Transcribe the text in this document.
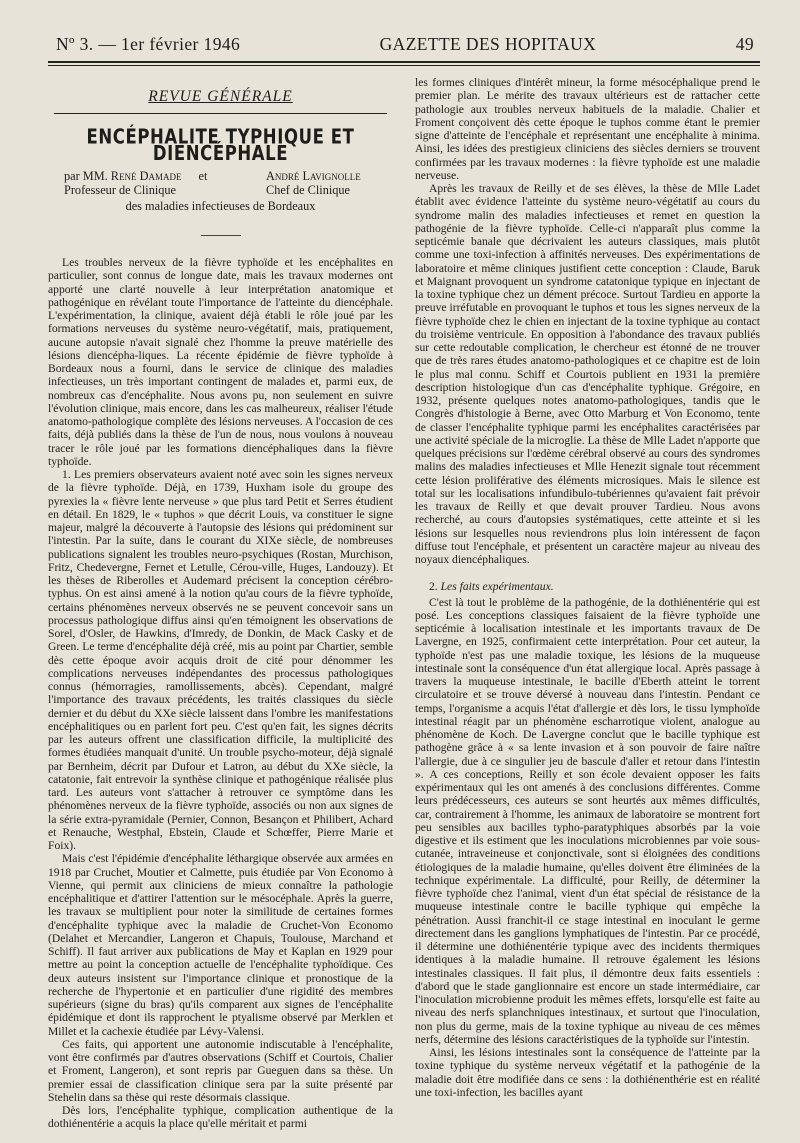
Nº 3. — 1er février 1946	GAZETTE DES HOPITAUX	49
REVUE GÉNÉRALE
ENCÉPHALITE TYPHIQUE ET DIENCÉPHALE
par MM. René Damade et	André Lavignolle
Professeur de Clinique	Chef de Clinique
des maladies infectieuses de Bordeaux

Les troubles nerveux de la fièvre typhoïde et les encéphalites en particulier, sont connus de longue date, mais les travaux modernes ont apporté une clarté nouvelle à leur interprétation anatomique et pathogénique en révélant toute l'importance de l'atteinte du diencéphale. L'expérimentation, la clinique, avaient déjà établi le rôle joué par les formations nerveuses du système neuro-végétatif, mais, pratiquement, aucune autopsie n'avait signalé chez l'homme la preuve matérielle des lésions diencépha-liques. La récente épidémie de fièvre typhoïde à Bordeaux nous a fourni, dans le service de clinique des maladies infectieuses, un très important contingent de malades et, parmi eux, de nombreux cas d'encéphalite. Nous avons pu, non seulement en suivre l'évolution clinique, mais encore, dans les cas malheureux, réaliser l'étude anatomo-pathologique complète des lésions nerveuses. A l'occasion de ces faits, déjà publiés dans la thèse de l'un de nous, nous voulons à nouveau tracer le rôle joué par les formations diencéphaliques dans la fièvre typhoïde.

1. Les premiers observateurs avaient noté avec soin les signes nerveux de la fièvre typhoïde. Déjà, en 1739, Huxham isole du groupe des pyrexies la « fièvre lente nerveuse » que plus tard Petit et Serres étudient en détail. En 1829, le « tuphos » que décrit Louis, va constituer le signe majeur, malgré la découverte à l'autopsie des lésions qui prédominent sur l'intestin. Par la suite, dans le courant du XIXe siècle, de nombreuses publications signalent les troubles neuro-psychiques (Rostan, Murchison, Fritz, Chedevergne, Fernet et Letulle, Cérou-ville, Huges, Landouzy). Et les thèses de Riberolles et Audemard précisent la conception cérébro-typhus. On est ainsi amené à la notion qu'au cours de la fièvre typhoïde, certains phénomènes nerveux observés ne se peuvent concevoir sans un processus pathologique diffus ainsi qu'en témoignent les observations de Sorel, d'Osler, de Hawkins, d'Imredy, de Donkin, de Mack Casky et de Green. Le terme d'encéphalite déjà créé, mis au point par Chartier, semble dès cette époque avoir acquis droit de cité pour dénommer les complications nerveuses indépendantes des processus pathologiques connus (hémorragies, ramollissements, abcès). Cependant, malgré l'importance des travaux précédents, les traités classiques du siècle dernier et du début du XXe siècle laissent dans l'ombre les manifestations encéphalitiques ou en parlent fort peu. C'est qu'en fait, les signes décrits par les auteurs offrent une classification difficile, la multiplicité des formes étudiées manquait d'unité. Un trouble psycho-moteur, déjà signalé par Bernheim, décrit par Dufour et Latron, au début du XXe siècle, la catatonie, fait entrevoir la synthèse clinique et pathogénique réalisée plus tard. Les auteurs vont s'attacher à retrouver ce symptôme dans les phénomènes nerveux de la fièvre typhoïde, associés ou non aux signes de la série extra-pyramidale (Pernier, Connon, Besançon et Philibert, Achard et Renauche, Westphal, Ebstein, Claude et Schœffer, Pierre Marie et Foix).

Mais c'est l'épidémie d'encéphalite léthargique observée aux armées en 1918 par Cruchet, Moutier et Calmette, puis étudiée par Von Economo à Vienne, qui permit aux cliniciens de mieux connaître la pathologie encéphalitique et d'attirer l'attention sur le mésocéphale. Après la guerre, les travaux se multiplient pour noter la similitude de certaines formes d'encéphalite typhique avec la maladie de Cruchet-Von Economo (Delahet et Mercandier, Langeron et Chapuis, Toulouse, Marchand et Schiff). Il faut arriver aux publications de May et Kaplan en 1929 pour mettre au point la conception actuelle de l'encéphalite typhoïdique. Ces deux auteurs insistent sur l'importance clinique et pronostique de la recherche de l'hypertonie et en particulier d'une rigidité des membres supérieurs (signe du bras) qu'ils comparent aux signes de l'encéphalite épidémique et dont ils rapprochent le ptyalisme observé par Merklen et Millet et la cachexie étudiée par Lévy-Valensi.

Ces faits, qui apportent une autonomie indiscutable à l'encéphalite, vont être confirmés par d'autres observations (Schiff et Courtois, Chalier et Froment, Langeron), et sont repris par Gueguen dans sa thèse. Un premier essai de classification clinique sera par la suite présenté par Stehelin dans sa thèse qui reste désormais classique.

Dès lors, l'encéphalite typhique, complication authentique de la dothiénentérie a acquis la place qu'elle méritait et parmi

les formes cliniques d'intérêt mineur, la forme mésocéphalique prend le premier plan. Le mérite des travaux ultérieurs est de rattacher cette pathologie aux troubles nerveux habituels de la maladie. Chalier et Froment conçoivent dès cette époque le tuphos comme étant le premier signe d'atteinte de l'encéphale et représentant une encéphalite à minima. Ainsi, les idées des prestigieux cliniciens des siècles derniers se trouvent confirmées par les travaux modernes : la fièvre typhoïde est une maladie nerveuse.

Après les travaux de Reilly et de ses élèves, la thèse de Mlle Ladet établit avec évidence l'atteinte du système neuro-végétatif au cours du syndrome malin des maladies infectieuses et remet en question la pathogénie de la fièvre typhoïde. Celle-ci n'apparaît plus comme la septicémie banale que décrivaient les auteurs classiques, mais plutôt comme une toxi-infection à affinités nerveuses. Des expérimentations de laboratoire et même cliniques justifient cette conception : Claude, Baruk et Maignant provoquent un syndrome catatonique typique en injectant de la toxine typhique chez un dément précoce. Surtout Tardieu en apporte la preuve irréfutable en provoquant le tuphos et tous les signes nerveux de la fièvre typhoïde chez le chien en injectant de la toxine typhique au contact du troisième ventricule. En opposition à l'abondance des travaux publiés sur cette redoutable complication, le chercheur est étonné de ne trouver que de très rares études anatomo-pathologiques et ce chapitre est de loin le plus mal connu. Schiff et Courtois publient en 1931 la première description histologique d'un cas d'encéphalite typhique. Grégoire, en 1932, présente quelques notes anatomo-pathologiques, tandis que le Congrès d'histologie à Berne, avec Otto Marburg et Von Economo, tente de classer l'encéphalite typhique parmi les encéphalites caractérisées par une activité spéciale de la microglie. La thèse de Mlle Ladet n'apporte que quelques précisions sur l'œdème cérébral observé au cours des syndromes malins des maladies infectieuses et Mlle Henezit signale tout récemment cette lésion proliférative des éléments microsiques. Mais le silence est total sur les localisations infundibulo-tubériennes qu'avaient fait prévoir les travaux de Reilly et que devait prouver Tardieu. Nous avons recherché, au cours d'autopsies systématiques, cette atteinte et si les lésions sur lesquelles nous reviendrons plus loin intéressent de façon diffuse tout l'encéphale, et présentent un caractère majeur au niveau des noyaux diencéphaliques.

2. Les faits expérimentaux.

C'est là tout le problème de la pathogénie, de la dothiénentérie qui est posé. Les conceptions classiques faisaient de la fièvre typhoïde une septicémie à localisation intestinale et les importants travaux de De Lavergne, en 1925, confirmaient cette interprétation. Pour cet auteur, la typhoïde n'est pas une maladie toxique, les lésions de la muqueuse intestinale sont la conséquence d'un état allergique local. Après passage à travers la muqueuse intestinale, le bacille d'Eberth atteint le torrent circulatoire et se trouve déversé à nouveau dans l'intestin. Pendant ce temps, l'organisme a acquis l'état d'allergie et dès lors, le tissu lymphoïde intestinal réagit par un phénomène escharrotique violent, analogue au phénomène de Koch. De Lavergne conclut que le bacille typhique est pathogène grâce à « sa lente invasion et à son pouvoir de faire naître l'allergie, due à ce singulier jeu de bascule d'aller et retour dans l'intestin ». A ces conceptions, Reilly et son école devaient opposer les faits expérimentaux qui les ont amenés à des conclusions différentes. Comme leurs prédécesseurs, ces auteurs se sont heurtés aux mêmes difficultés, car, contrairement à l'homme, les animaux de laboratoire se montrent fort peu sensibles aux bacilles typho-paratyphiques absorbés par la voie digestive et ils estiment que les inoculations microbiennes par voie sous-cutanée, intraveineuse et conjonctivale, sont si éloignées des conditions étiologiques de la maladie humaine, qu'elles doivent être éliminées de la technique expérimentale. La difficulté, pour Reilly, de déterminer la fièvre typhoïde chez l'animal, vient d'un état spécial de résistance de la muqueuse intestinale contre le bacille typhique qui empêche la pénétration. Aussi franchit-il ce stage intestinal en inoculant le germe directement dans les ganglions lymphatiques de l'intestin. Par ce procédé, il détermine une dothiénentérie typique avec des incidents thermiques identiques à la maladie humaine. Il retrouve également les lésions intestinales classiques. Il fait plus, il démontre deux faits essentiels : d'abord que le stade ganglionnaire est encore un stade intermédiaire, car l'inoculation microbienne produit les mêmes effets, lorsqu'elle est faite au niveau des nerfs splanchniques intestinaux, et surtout que l'inoculation, non plus du germe, mais de la toxine typhique au niveau de ces mêmes nerfs, détermine des lésions caractéristiques de la typhoïde sur l'intestin.

Ainsi, les lésions intestinales sont la conséquence de l'atteinte par la toxine typhique du système nerveux végétatif et la pathogénie de la maladie doit être modifiée dans ce sens : la dothiénenthérie est en réalité une toxi-infection, les bacilles ayant
